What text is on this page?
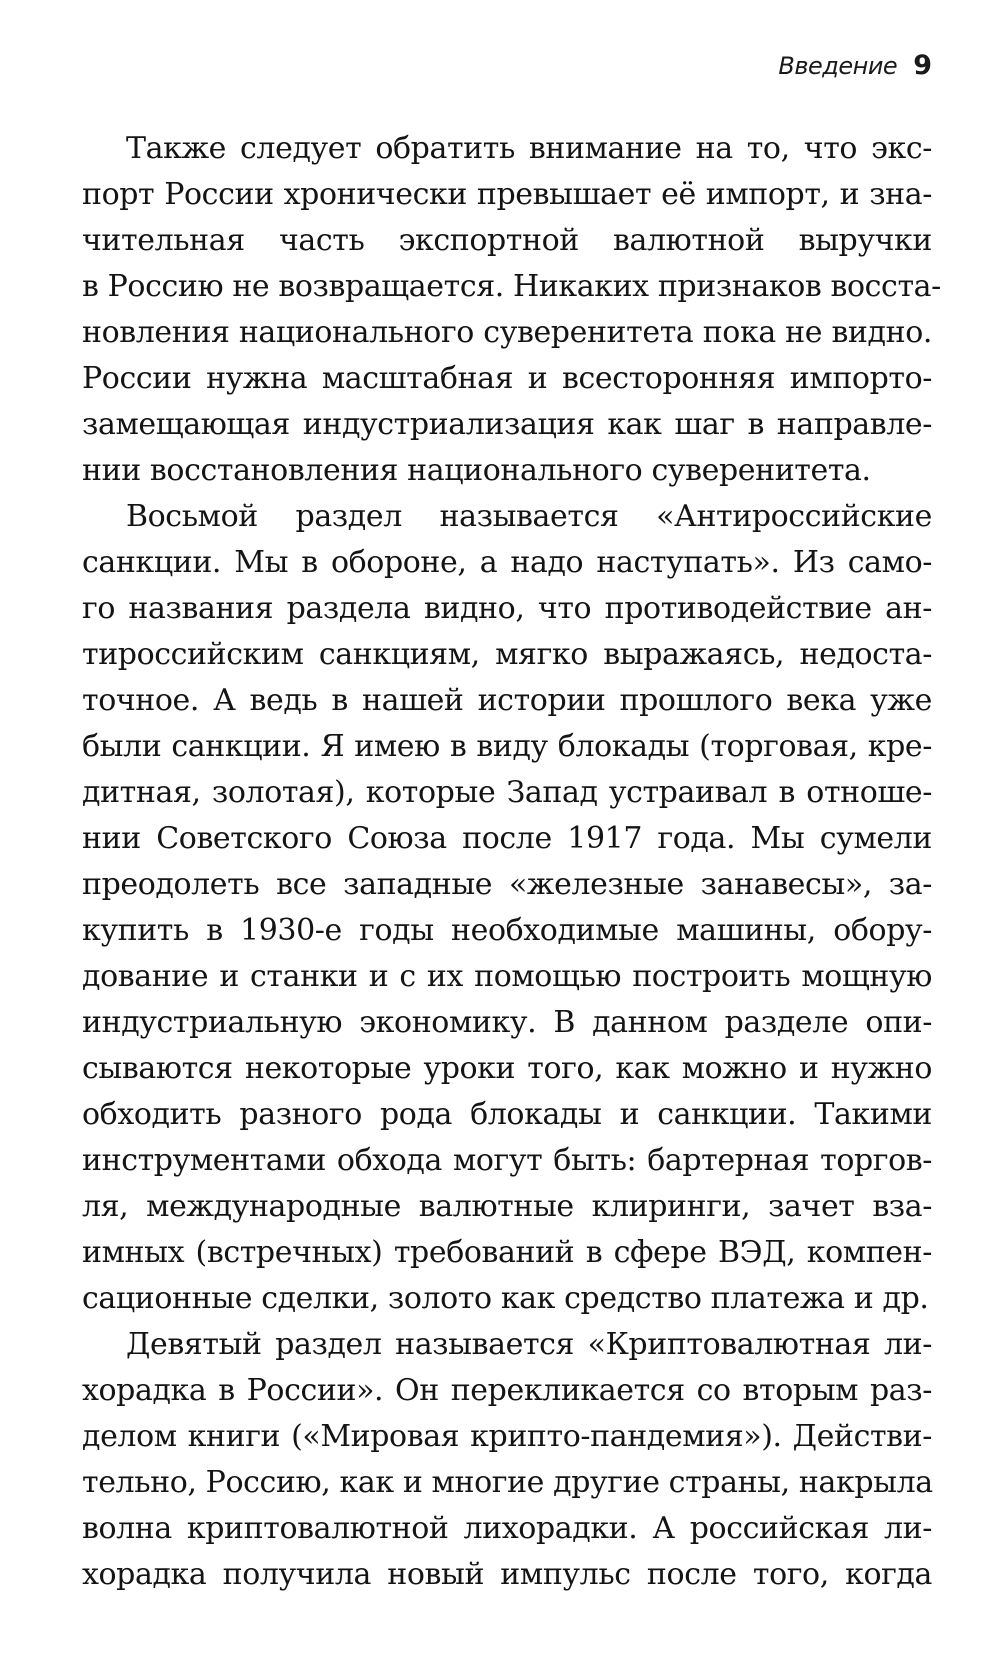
Введение 9
Также следует обратить внимание на то, что экс-
порт России хронически превышает её импорт, и зна-
чительная часть экспортной валютной выручки
в Россию не возвращается. Никаких признаков восста-
новления национального суверенитета пока не видно.
России нужна масштабная и всесторонняя импорто-
замещающая индустриализация как шаг в направле-
нии восстановления национального суверенитета.
Восьмой раздел называется «Антироссийские
санкции. Мы в обороне, а надо наступать». Из само-
го названия раздела видно, что противодействие ан-
тироссийским санкциям, мягко выражаясь, недоста-
точное. А ведь в нашей истории прошлого века уже
были санкции. Я имею в виду блокады (торговая, кре-
дитная, золотая), которые Запад устраивал в отноше-
нии Советского Союза после 1917 года. Мы сумели
преодолеть все западные «железные занавесы», за-
купить в 1930-е годы необходимые машины, обору-
дование и станки и с их помощью построить мощную
индустриальную экономику. В данном разделе опи-
сываются некоторые уроки того, как можно и нужно
обходить разного рода блокады и санкции. Такими
инструментами обхода могут быть: бартерная торгов-
ля, международные валютные клиринги, зачет вза-
имных (встречных) требований в сфере ВЭД, компен-
сационные сделки, золото как средство платежа и др.
Девятый раздел называется «Криптовалютная ли-
хорадка в России». Он перекликается со вторым раз-
делом книги («Мировая крипто-пандемия»). Действи-
тельно, Россию, как и многие другие страны, накрыла
волна криптовалютной лихорадки. А российская ли-
хорадка получила новый импульс после того, когда
